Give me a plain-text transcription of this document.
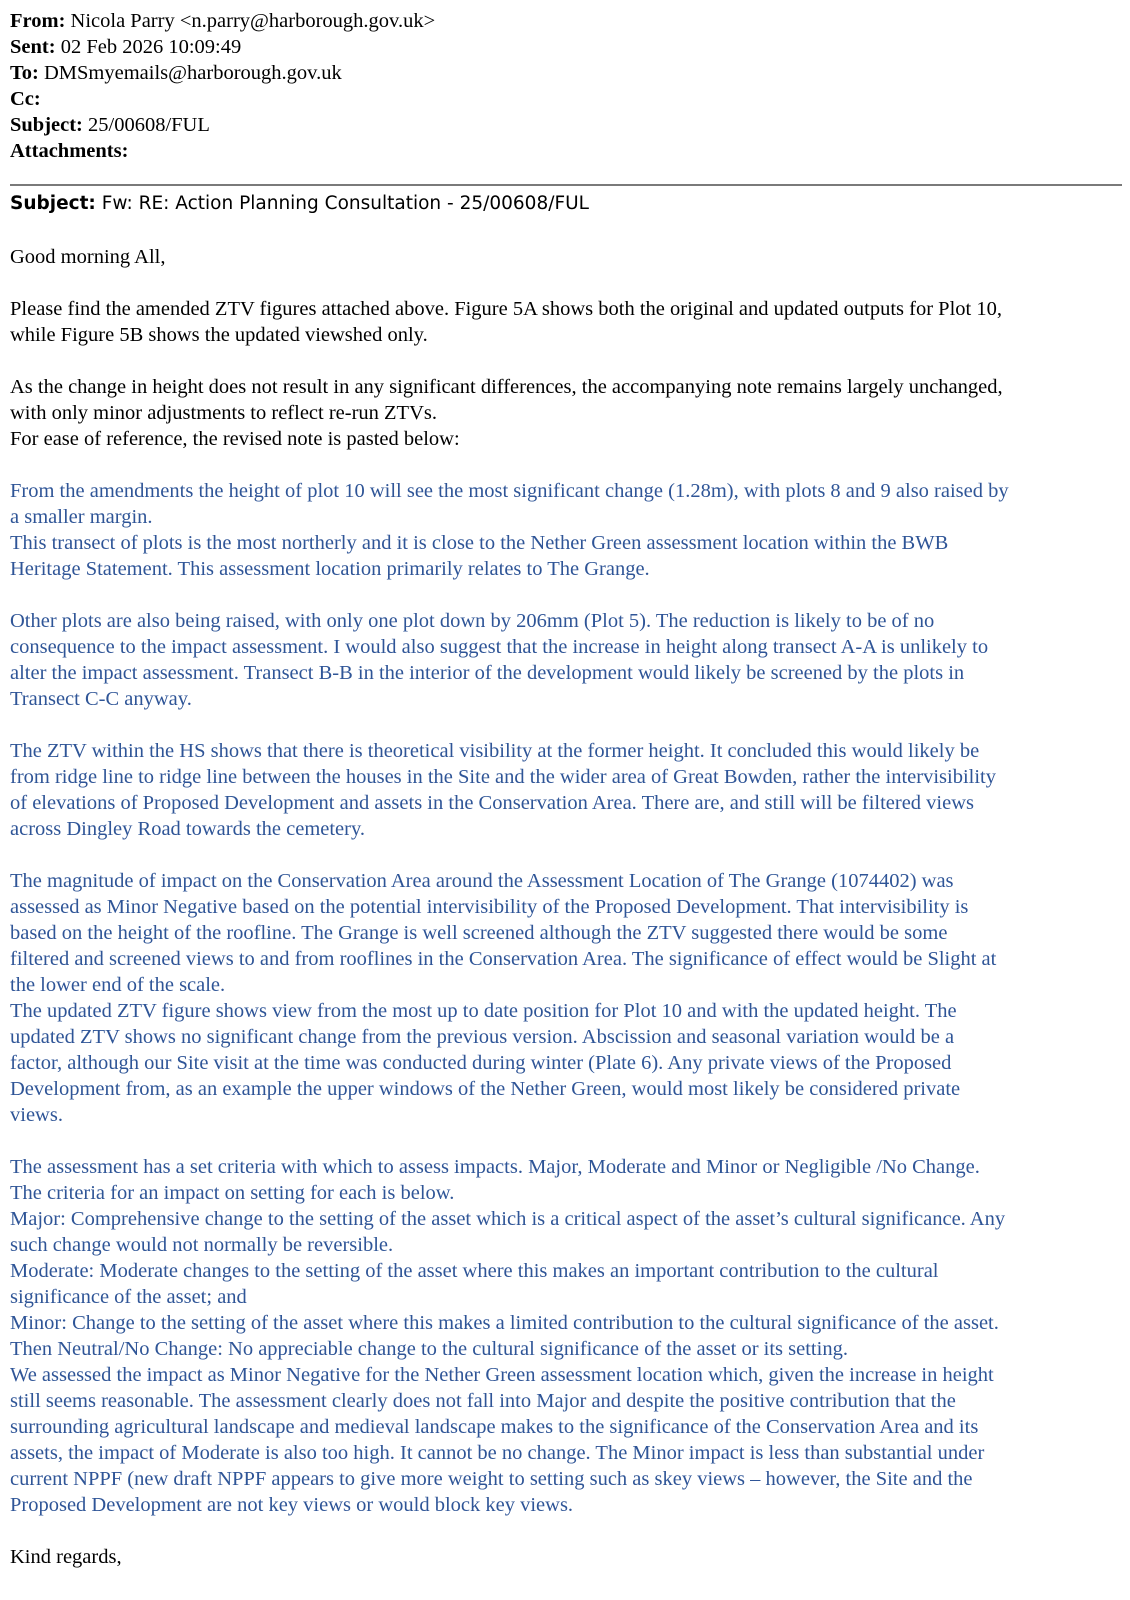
From: Nicola Parry <n.parry@harborough.gov.uk>
Sent: 02 Feb 2026 10:09:49
To: DMSmyemails@harborough.gov.uk
Cc:
Subject: 25/00608/FUL
Attachments:
Subject: Fw: RE: Action Planning Consultation - 25/00608/FUL
Good morning All,
Please find the amended ZTV figures attached above. Figure 5A shows both the original and updated outputs for Plot 10,
while Figure 5B shows the updated viewshed only.
As the change in height does not result in any significant differences, the accompanying note remains largely unchanged,
with only minor adjustments to reflect re-run ZTVs.
For ease of reference, the revised note is pasted below:
From the amendments the height of plot 10 will see the most significant change (1.28m), with plots 8 and 9 also raised by
a smaller margin.
This transect of plots is the most northerly and it is close to the Nether Green assessment location within the BWB
Heritage Statement. This assessment location primarily relates to The Grange.
Other plots are also being raised, with only one plot down by 206mm (Plot 5). The reduction is likely to be of no
consequence to the impact assessment. I would also suggest that the increase in height along transect A-A is unlikely to
alter the impact assessment. Transect B-B in the interior of the development would likely be screened by the plots in
Transect C-C anyway.
The ZTV within the HS shows that there is theoretical visibility at the former height. It concluded this would likely be
from ridge line to ridge line between the houses in the Site and the wider area of Great Bowden, rather the intervisibility
of elevations of Proposed Development and assets in the Conservation Area. There are, and still will be filtered views
across Dingley Road towards the cemetery.
The magnitude of impact on the Conservation Area around the Assessment Location of The Grange (1074402) was
assessed as Minor Negative based on the potential intervisibility of the Proposed Development. That intervisibility is
based on the height of the roofline. The Grange is well screened although the ZTV suggested there would be some
filtered and screened views to and from rooflines in the Conservation Area. The significance of effect would be Slight at
the lower end of the scale.
The updated ZTV figure shows view from the most up to date position for Plot 10 and with the updated height. The
updated ZTV shows no significant change from the previous version. Abscission and seasonal variation would be a
factor, although our Site visit at the time was conducted during winter (Plate 6). Any private views of the Proposed
Development from, as an example the upper windows of the Nether Green, would most likely be considered private
views.
The assessment has a set criteria with which to assess impacts. Major, Moderate and Minor or Negligible /No Change.
The criteria for an impact on setting for each is below.
Major: Comprehensive change to the setting of the asset which is a critical aspect of the asset’s cultural significance. Any
such change would not normally be reversible.
Moderate: Moderate changes to the setting of the asset where this makes an important contribution to the cultural
significance of the asset; and
Minor: Change to the setting of the asset where this makes a limited contribution to the cultural significance of the asset.
Then Neutral/No Change: No appreciable change to the cultural significance of the asset or its setting.
We assessed the impact as Minor Negative for the Nether Green assessment location which, given the increase in height
still seems reasonable. The assessment clearly does not fall into Major and despite the positive contribution that the
surrounding agricultural landscape and medieval landscape makes to the significance of the Conservation Area and its
assets, the impact of Moderate is also too high. It cannot be no change. The Minor impact is less than substantial under
current NPPF (new draft NPPF appears to give more weight to setting such as skey views – however, the Site and the
Proposed Development are not key views or would block key views.
Kind regards,
